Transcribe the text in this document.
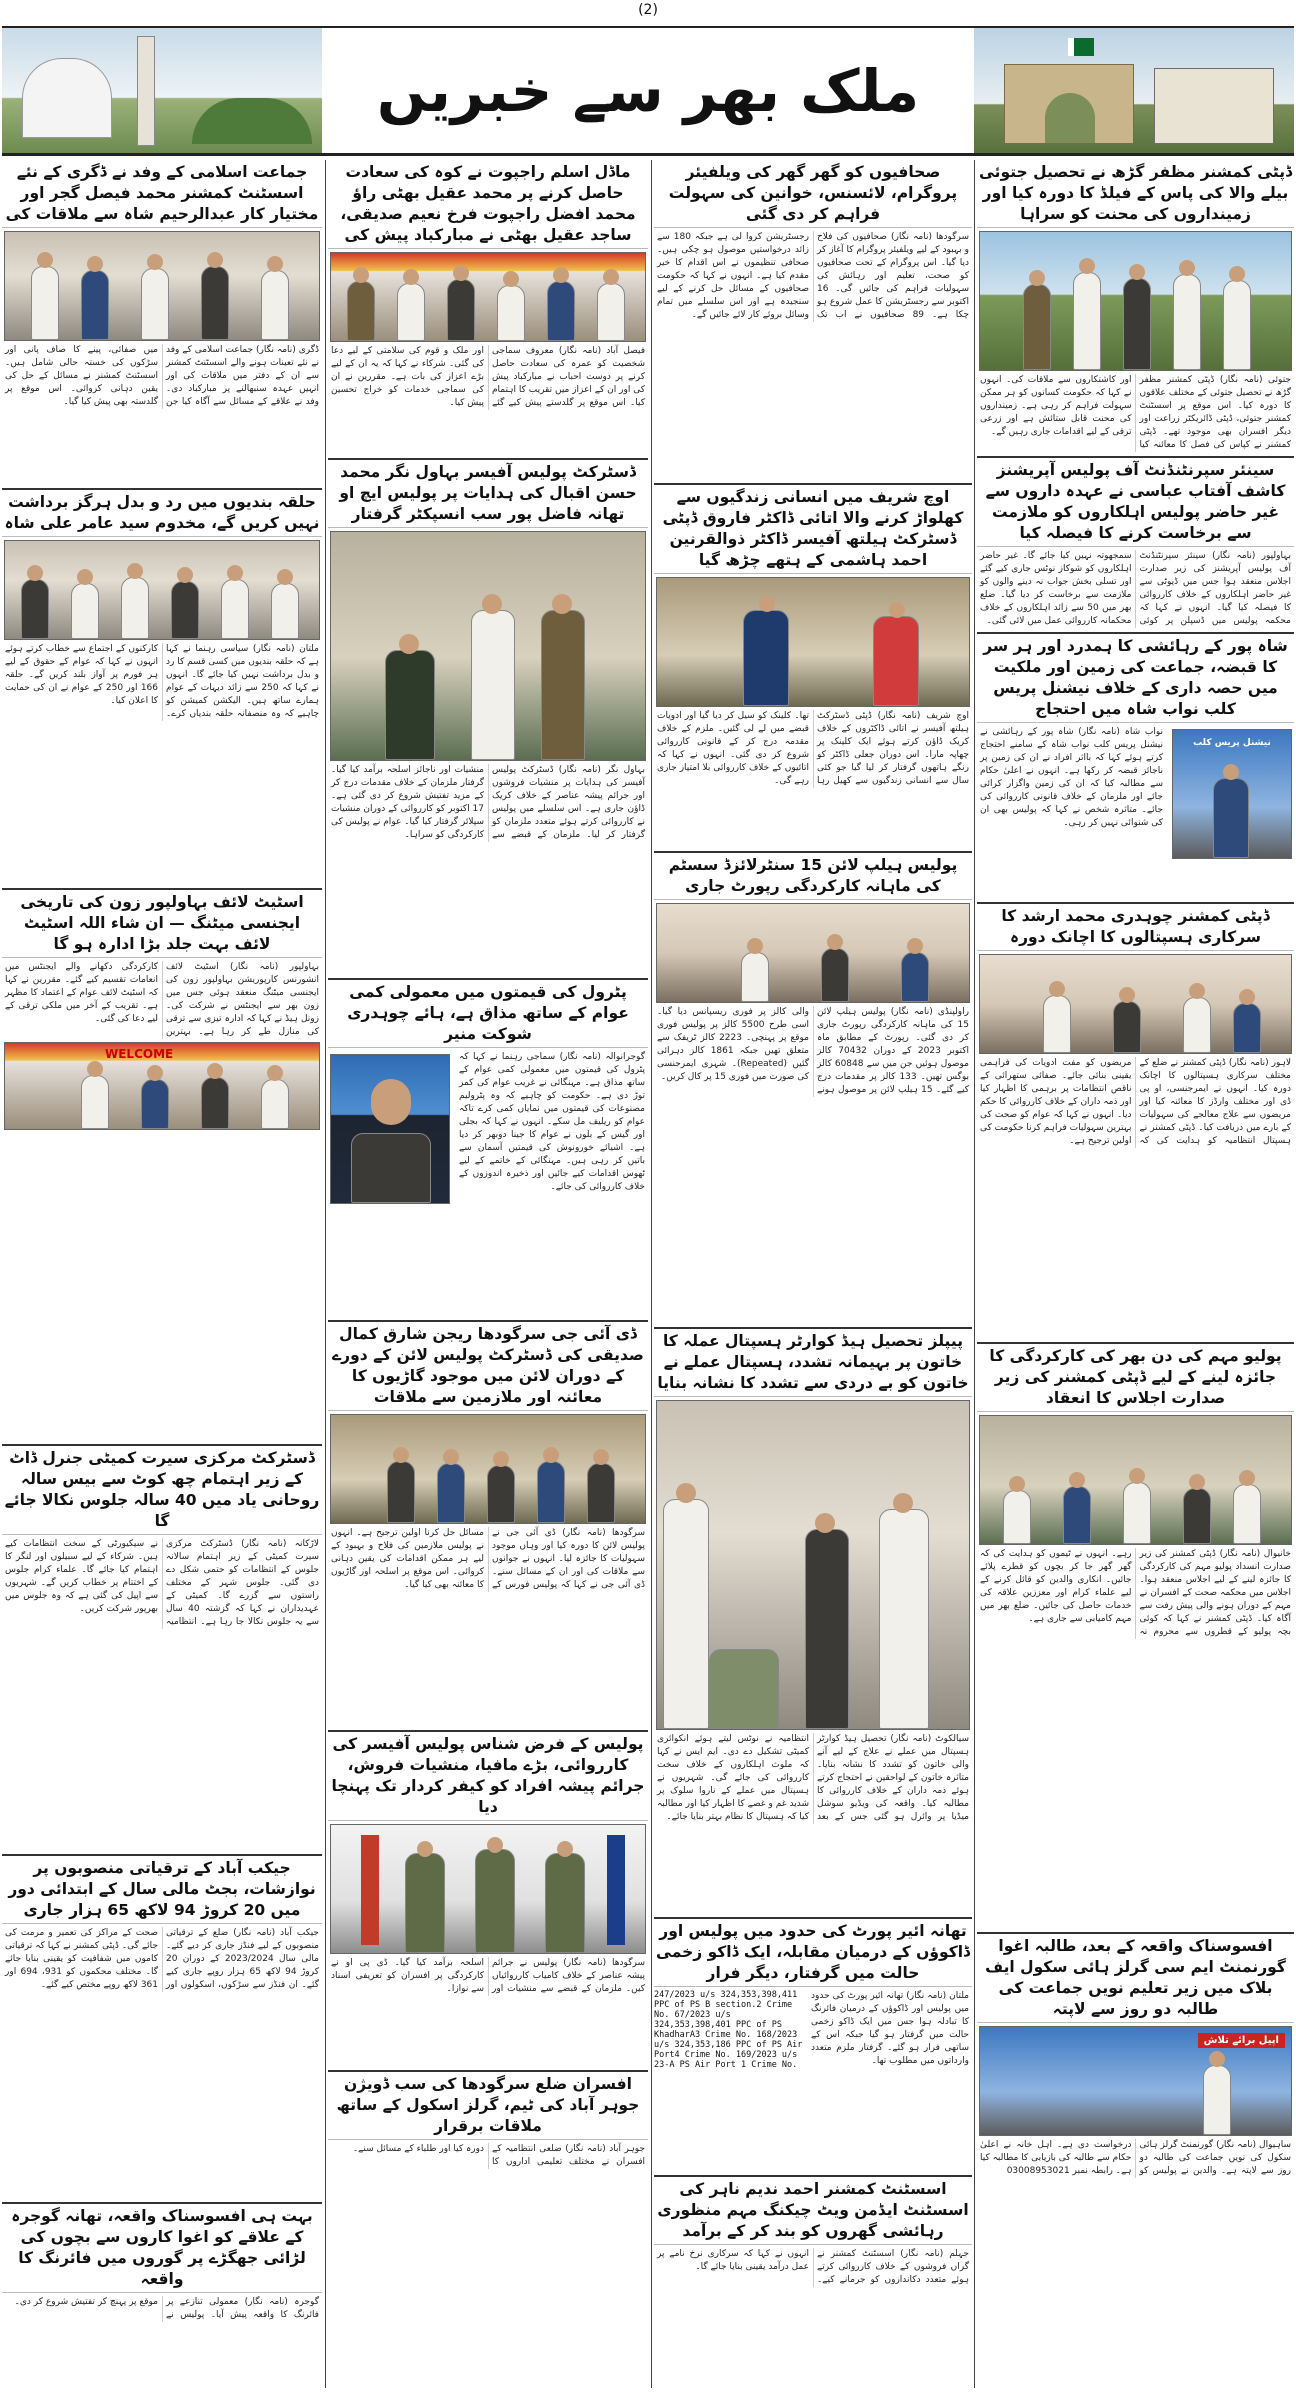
(2)
ملک بھر سے خبریں
ڈپٹی کمشنر مظفر گڑھ نے تحصیل جتوئی بیلے والا کی پاس کے فیلڈ کا دورہ کیا اور زمینداروں کی محنت کو سراہا
جتوئی (نامہ نگار) ڈپٹی کمشنر مظفر گڑھ نے تحصیل جتوئی کے مختلف علاقوں کا دورہ کیا۔ اس موقع پر اسسٹنٹ کمشنر جتوئی، ڈپٹی ڈائریکٹر زراعت اور دیگر افسران بھی موجود تھے۔ ڈپٹی کمشنر نے کپاس کی فصل کا معائنہ کیا اور کاشتکاروں سے ملاقات کی۔ انہوں نے کہا کہ حکومت کسانوں کو ہر ممکن سہولت فراہم کر رہی ہے۔ زمینداروں کی محنت قابل ستائش ہے اور زرعی ترقی کے لیے اقدامات جاری رہیں گے۔
سینئر سپرنٹنڈنٹ آف پولیس آپریشنز کاشف آفتاب عباسی نے عہدہ داروں سے غیر حاضر پولیس اہلکاروں کو ملازمت سے برخاست کرنے کا فیصلہ کیا
بہاولپور (نامہ نگار) سینئر سپرنٹنڈنٹ آف پولیس آپریشنز کی زیر صدارت اجلاس منعقد ہوا جس میں ڈیوٹی سے غیر حاضر اہلکاروں کے خلاف کارروائی کا فیصلہ کیا گیا۔ انہوں نے کہا کہ محکمہ پولیس میں ڈسپلن پر کوئی سمجھوتہ نہیں کیا جائے گا۔ غیر حاضر اہلکاروں کو شوکاز نوٹس جاری کیے گئے اور تسلی بخش جواب نہ دینے والوں کو ملازمت سے برخاست کر دیا گیا۔ ضلع بھر میں 50 سے زائد اہلکاروں کے خلاف محکمانہ کارروائی عمل میں لائی گئی۔
شاہ پور کے رہائشی کا ہمدرد اور ہر سر کا قبضہ، جماعت کی زمین اور ملکیت میں حصہ داری کے خلاف نیشنل پریس کلب نواب شاہ میں احتجاج
نیشنل پریس کلب
نواب شاہ (نامہ نگار) شاہ پور کے رہائشی نے نیشنل پریس کلب نواب شاہ کے سامنے احتجاج کرتے ہوئے کہا کہ بااثر افراد نے ان کی زمین پر ناجائز قبضہ کر رکھا ہے۔ انہوں نے اعلیٰ حکام سے مطالبہ کیا کہ ان کی زمین واگزار کرائی جائے اور ملزمان کے خلاف قانونی کارروائی کی جائے۔ متاثرہ شخص نے کہا کہ پولیس بھی ان کی شنوائی نہیں کر رہی۔
ڈپٹی کمشنر چوہدری محمد ارشد کا سرکاری ہسپتالوں کا اچانک دورہ
لاہور (نامہ نگار) ڈپٹی کمشنر نے ضلع کے مختلف سرکاری ہسپتالوں کا اچانک دورہ کیا۔ انہوں نے ایمرجنسی، او پی ڈی اور مختلف وارڈز کا معائنہ کیا اور مریضوں سے علاج معالجے کی سہولیات کے بارے میں دریافت کیا۔ ڈپٹی کمشنر نے ہسپتال انتظامیہ کو ہدایت کی کہ مریضوں کو مفت ادویات کی فراہمی یقینی بنائی جائے۔ صفائی ستھرائی کے ناقص انتظامات پر برہمی کا اظہار کیا اور ذمہ داران کے خلاف کارروائی کا حکم دیا۔ انہوں نے کہا کہ عوام کو صحت کی بہترین سہولیات فراہم کرنا حکومت کی اولین ترجیح ہے۔
پولیو مہم کی دن بھر کی کارکردگی کا جائزہ لینے کے لیے ڈپٹی کمشنر کی زیر صدارت اجلاس کا انعقاد
خانیوال (نامہ نگار) ڈپٹی کمشنر کی زیر صدارت انسداد پولیو مہم کی کارکردگی کا جائزہ لینے کے لیے اجلاس منعقد ہوا۔ اجلاس میں محکمہ صحت کے افسران نے مہم کے دوران ہونے والی پیش رفت سے آگاہ کیا۔ ڈپٹی کمشنر نے کہا کہ کوئی بچہ پولیو کے قطروں سے محروم نہ رہے۔ انہوں نے ٹیموں کو ہدایت کی کہ گھر گھر جا کر بچوں کو قطرے پلائے جائیں۔ انکاری والدین کو قائل کرنے کے لیے علماء کرام اور معززین علاقہ کی خدمات حاصل کی جائیں۔ ضلع بھر میں مہم کامیابی سے جاری ہے۔
افسوسناک واقعہ کے بعد، طالبہ اغوا گورنمنٹ ایم سی گرلز ہائی سکول ایف بلاک میں زیر تعلیم نویں جماعت کی طالبہ دو روز سے لاپتہ
اپیل برائے تلاش
ساہیوال (نامہ نگار) گورنمنٹ گرلز ہائی سکول کی نویں جماعت کی طالبہ دو روز سے لاپتہ ہے۔ والدین نے پولیس کو درخواست دی ہے۔ اہل خانہ نے اعلیٰ حکام سے طالبہ کی بازیابی کا مطالبہ کیا ہے۔ رابطہ نمبر 03008953021
صحافیوں کو گھر گھر کی ویلفیئر پروگرام، لائسنس، خوانین کی سہولت فراہم کر دی گئی
سرگودھا (نامہ نگار) صحافیوں کی فلاح و بہبود کے لیے ویلفیئر پروگرام کا آغاز کر دیا گیا۔ اس پروگرام کے تحت صحافیوں کو صحت، تعلیم اور رہائش کی سہولیات فراہم کی جائیں گی۔ 16 اکتوبر سے رجسٹریشن کا عمل شروع ہو چکا ہے۔ 89 صحافیوں نے اب تک رجسٹریشن کروا لی ہے جبکہ 180 سے زائد درخواستیں موصول ہو چکی ہیں۔ صحافی تنظیموں نے اس اقدام کا خیر مقدم کیا ہے۔ انہوں نے کہا کہ حکومت صحافیوں کے مسائل حل کرنے کے لیے سنجیدہ ہے اور اس سلسلے میں تمام وسائل بروئے کار لائے جائیں گے۔
اوچ شریف میں انسانی زندگیوں سے کھلواڑ کرنے والا اتائی ڈاکٹر فاروق ڈپٹی ڈسٹرکٹ ہیلتھ آفیسر ڈاکٹر ذوالقرنین احمد ہاشمی کے ہتھے چڑھ گیا
اوچ شریف (نامہ نگار) ڈپٹی ڈسٹرکٹ ہیلتھ آفیسر نے اتائی ڈاکٹروں کے خلاف کریک ڈاؤن کرتے ہوئے ایک کلینک پر چھاپہ مارا۔ اس دوران جعلی ڈاکٹر کو رنگے ہاتھوں گرفتار کر لیا گیا جو کئی سال سے انسانی زندگیوں سے کھیل رہا تھا۔ کلینک کو سیل کر دیا گیا اور ادویات قبضے میں لے لی گئیں۔ ملزم کے خلاف مقدمہ درج کر کے قانونی کارروائی شروع کر دی گئی۔ انہوں نے کہا کہ اتائیوں کے خلاف کارروائی بلا امتیاز جاری رہے گی۔
پولیس ہیلپ لائن 15 سنٹرلائزڈ سسٹم کی ماہانہ کارکردگی رپورٹ جاری
راولپنڈی (نامہ نگار) پولیس ہیلپ لائن 15 کی ماہانہ کارکردگی رپورٹ جاری کر دی گئی۔ رپورٹ کے مطابق ماہ اکتوبر 2023 کے دوران 70432 کالز موصول ہوئیں جن میں سے 60848 کالز بوگس تھیں۔ 133 کالز پر مقدمات درج کیے گئے۔ 15 ہیلپ لائن پر موصول ہونے والی کالز پر فوری ریسپانس دیا گیا۔ اسی طرح 5500 کالز پر پولیس فوری موقع پر پہنچی۔ 2223 کالز ٹریفک سے متعلق تھیں جبکہ 1861 کالز دہرائی گئیں (Repeated)۔ شہری ایمرجنسی کی صورت میں فوری 15 پر کال کریں۔
پیپلز تحصیل ہیڈ کوارٹر ہسپتال عملہ کا خاتون پر بہیمانہ تشدد، ہسپتال عملے نے خاتون کو بے دردی سے تشدد کا نشانہ بنایا
سیالکوٹ (نامہ نگار) تحصیل ہیڈ کوارٹر ہسپتال میں عملے نے علاج کے لیے آنے والی خاتون کو تشدد کا نشانہ بنایا۔ متاثرہ خاتون کے لواحقین نے احتجاج کرتے ہوئے ذمہ داران کے خلاف کارروائی کا مطالبہ کیا۔ واقعہ کی ویڈیو سوشل میڈیا پر وائرل ہو گئی جس کے بعد انتظامیہ نے نوٹس لیتے ہوئے انکوائری کمیٹی تشکیل دے دی۔ ایم ایس نے کہا کہ ملوث اہلکاروں کے خلاف سخت کارروائی کی جائے گی۔ شہریوں نے ہسپتال میں عملے کے ناروا سلوک پر شدید غم و غصے کا اظہار کیا اور مطالبہ کیا کہ ہسپتال کا نظام بہتر بنایا جائے۔
تھانہ ائیر پورٹ کی حدود میں پولیس اور ڈاکوؤں کے درمیان مقابلہ، ایک ڈاکو زخمی حالت میں گرفتار، دیگر فرار
ملتان (نامہ نگار) تھانہ ائیر پورٹ کی حدود میں پولیس اور ڈاکوؤں کے درمیان فائرنگ کا تبادلہ ہوا جس میں ایک ڈاکو زخمی حالت میں گرفتار ہو گیا جبکہ اس کے ساتھی فرار ہو گئے۔ گرفتار ملزم متعدد وارداتوں میں مطلوب تھا۔
247/2023 u/s 324,353,398,411 PPC of PS B section.2 Crime No. 67/2023 u/s 324,353,398,401 PPC of PS KhadharA3 Crime No. 168/2023 u/s 324,353,186 PPC of PS Air Port4 Crime No. 169/2023 u/s 23-A PS Air Port 1 Crime No.
اسسٹنٹ کمشنر احمد ندیم ناہر کی اسسٹنٹ ایڈمن ویٹ چیکنگ مہم منظوری رہائشی گھروں کو بند کر کے برآمد
جہلم (نامہ نگار) اسسٹنٹ کمشنر نے گراں فروشوں کے خلاف کارروائی کرتے ہوئے متعدد دکانداروں کو جرمانے کیے۔ انہوں نے کہا کہ سرکاری نرخ نامے پر عمل درآمد یقینی بنایا جائے گا۔
ماڈل اسلم راجپوت نے کوہ کی سعادت حاصل کرنے پر محمد عقیل بھٹی راؤ محمد افضل راجپوت فرخ نعیم صدیقی، ساجد عقیل بھٹی نے مبارکباد پیش کی
فیصل آباد (نامہ نگار) معروف سماجی شخصیت کو عمرہ کی سعادت حاصل کرنے پر دوست احباب نے مبارکباد پیش کی اور ان کے اعزاز میں تقریب کا اہتمام کیا۔ اس موقع پر گلدستے پیش کیے گئے اور ملک و قوم کی سلامتی کے لیے دعا کی گئی۔ شرکاء نے کہا کہ یہ ان کے لیے بڑے اعزاز کی بات ہے۔ مقررین نے ان کی سماجی خدمات کو خراج تحسین پیش کیا۔
ڈسٹرکٹ پولیس آفیسر بہاول نگر محمد حسن اقبال کی ہدایات پر پولیس ایچ او تھانہ فاضل پور سب انسپکٹر گرفتار
بہاول نگر (نامہ نگار) ڈسٹرکٹ پولیس آفیسر کی ہدایات پر منشیات فروشوں اور جرائم پیشہ عناصر کے خلاف کریک ڈاؤن جاری ہے۔ اس سلسلے میں پولیس نے کارروائی کرتے ہوئے متعدد ملزمان کو گرفتار کر لیا۔ ملزمان کے قبضے سے منشیات اور ناجائز اسلحہ برآمد کیا گیا۔ گرفتار ملزمان کے خلاف مقدمات درج کر کے مزید تفتیش شروع کر دی گئی ہے۔ 17 اکتوبر کو کارروائی کے دوران منشیات سپلائر گرفتار کیا گیا۔ عوام نے پولیس کی کارکردگی کو سراہا۔
پٹرول کی قیمتوں میں معمولی کمی عوام کے ساتھ مذاق ہے، ہائے چوہدری شوکت منیر
گوجرانوالہ (نامہ نگار) سماجی رہنما نے کہا کہ پٹرول کی قیمتوں میں معمولی کمی عوام کے ساتھ مذاق ہے۔ مہنگائی نے غریب عوام کی کمر توڑ دی ہے۔ حکومت کو چاہیے کہ وہ پٹرولیم مصنوعات کی قیمتوں میں نمایاں کمی کرے تاکہ عوام کو ریلیف مل سکے۔ انہوں نے کہا کہ بجلی اور گیس کے بلوں نے عوام کا جینا دوبھر کر دیا ہے۔ اشیائے خورونوش کی قیمتیں آسمان سے باتیں کر رہی ہیں۔ مہنگائی کے خاتمے کے لیے ٹھوس اقدامات کیے جائیں اور ذخیرہ اندوزوں کے خلاف کارروائی کی جائے۔
ڈی آئی جی سرگودھا ریجن شارق کمال صدیقی کی ڈسٹرکٹ پولیس لائن کے دورے کے دوران لائن میں موجود گاڑیوں کا معائنہ اور ملازمین سے ملاقات
سرگودھا (نامہ نگار) ڈی آئی جی نے پولیس لائن کا دورہ کیا اور وہاں موجود سہولیات کا جائزہ لیا۔ انہوں نے جوانوں سے ملاقات کی اور ان کے مسائل سنے۔ ڈی آئی جی نے کہا کہ پولیس فورس کے مسائل حل کرنا اولین ترجیح ہے۔ انہوں نے پولیس ملازمین کی فلاح و بہبود کے لیے ہر ممکن اقدامات کی یقین دہانی کروائی۔ اس موقع پر اسلحہ اور گاڑیوں کا معائنہ بھی کیا گیا۔
پولیس کے فرض شناس پولیس آفیسر کی کارروائی، بڑے مافیا، منشیات فروش، جرائم پیشہ افراد کو کیفر کردار تک پہنچا دیا
سرگودھا (نامہ نگار) پولیس نے جرائم پیشہ عناصر کے خلاف کامیاب کارروائیاں کیں۔ ملزمان کے قبضے سے منشیات اور اسلحہ برآمد کیا گیا۔ ڈی پی او نے کارکردگی پر افسران کو تعریفی اسناد سے نوازا۔
افسران ضلع سرگودھا کی سب ڈویژن جوہر آباد کی ٹیم، گرلز اسکول کے ساتھ ملاقات برقرار
جوہر آباد (نامہ نگار) ضلعی انتظامیہ کے افسران نے مختلف تعلیمی اداروں کا دورہ کیا اور طلباء کے مسائل سنے۔
جماعت اسلامی کے وفد نے ڈگری کے نئے اسسٹنٹ کمشنر محمد فیصل گجر اور مختیار کار عبدالرحیم شاہ سے ملاقات کی
ڈگری (نامہ نگار) جماعت اسلامی کے وفد نے نئے تعینات ہونے والے اسسٹنٹ کمشنر سے ان کے دفتر میں ملاقات کی اور انہیں عہدہ سنبھالنے پر مبارکباد دی۔ وفد نے علاقے کے مسائل سے آگاہ کیا جن میں صفائی، پینے کا صاف پانی اور سڑکوں کی خستہ حالی شامل ہیں۔ اسسٹنٹ کمشنر نے مسائل کے حل کی یقین دہانی کروائی۔ اس موقع پر گلدستہ بھی پیش کیا گیا۔
حلقہ بندیوں میں رد و بدل ہرگز برداشت نہیں کریں گے، مخدوم سید عامر علی شاہ
ملتان (نامہ نگار) سیاسی رہنما نے کہا ہے کہ حلقہ بندیوں میں کسی قسم کا رد و بدل برداشت نہیں کیا جائے گا۔ انہوں نے کہا کہ 250 سے زائد دیہات کے عوام ہمارے ساتھ ہیں۔ الیکشن کمیشن کو چاہیے کہ وہ منصفانہ حلقہ بندیاں کرے۔ کارکنوں کے اجتماع سے خطاب کرتے ہوئے انہوں نے کہا کہ عوام کے حقوق کے لیے ہر فورم پر آواز بلند کریں گے۔ حلقہ 166 اور 250 کے عوام نے ان کی حمایت کا اعلان کیا۔
اسٹیٹ لائف بہاولپور زون کی تاریخی ایجنسی میٹنگ — ان شاء اللہ اسٹیٹ لائف بہت جلد بڑا ادارہ ہو گا
بہاولپور (نامہ نگار) اسٹیٹ لائف انشورنس کارپوریشن بہاولپور زون کی ایجنسی میٹنگ منعقد ہوئی جس میں زون بھر سے ایجنٹس نے شرکت کی۔ زونل ہیڈ نے کہا کہ ادارہ تیزی سے ترقی کی منازل طے کر رہا ہے۔ بہترین کارکردگی دکھانے والے ایجنٹس میں انعامات تقسیم کیے گئے۔ مقررین نے کہا کہ اسٹیٹ لائف عوام کے اعتماد کا مظہر ہے۔ تقریب کے آخر میں ملکی ترقی کے لیے دعا کی گئی۔
WELCOME
ڈسٹرکٹ مرکزی سیرت کمیٹی جنرل ڈاٹ کے زیر اہتمام چھ کوٹ سے بیس سالہ روحانی یاد میں 40 سالہ جلوس نکالا جائے گا
لاڑکانہ (نامہ نگار) ڈسٹرکٹ مرکزی سیرت کمیٹی کے زیر اہتمام سالانہ جلوس کے انتظامات کو حتمی شکل دے دی گئی۔ جلوس شہر کے مختلف راستوں سے گزرے گا۔ کمیٹی کے عہدیداران نے کہا کہ گزشتہ 40 سال سے یہ جلوس نکالا جا رہا ہے۔ انتظامیہ نے سیکیورٹی کے سخت انتظامات کیے ہیں۔ شرکاء کے لیے سبیلوں اور لنگر کا اہتمام کیا جائے گا۔ علماء کرام جلوس کے اختتام پر خطاب کریں گے۔ شہریوں سے اپیل کی گئی ہے کہ وہ جلوس میں بھرپور شرکت کریں۔
جیکب آباد کے ترقیاتی منصوبوں پر نوازشات، بجٹ مالی سال کے ابتدائی دور میں 20 کروڑ 94 لاکھ 65 ہزار جاری
جیکب آباد (نامہ نگار) ضلع کے ترقیاتی منصوبوں کے لیے فنڈز جاری کر دیے گئے۔ مالی سال 2023/2024 کے دوران 20 کروڑ 94 لاکھ 65 ہزار روپے جاری کیے گئے۔ ان فنڈز سے سڑکوں، اسکولوں اور صحت کے مراکز کی تعمیر و مرمت کی جائے گی۔ ڈپٹی کمشنر نے کہا کہ ترقیاتی کاموں میں شفافیت کو یقینی بنایا جائے گا۔ مختلف محکموں کو 931، 694 اور 361 لاکھ روپے مختص کیے گئے۔
بہت ہی افسوسناک واقعہ، تھانہ گوجرہ کے علاقے کو اغوا کاروں سے بچوں کی لڑائی جھگڑے پر گوروں میں فائرنگ کا واقعہ
گوجرہ (نامہ نگار) معمولی تنازعے پر فائرنگ کا واقعہ پیش آیا۔ پولیس نے موقع پر پہنچ کر تفتیش شروع کر دی۔
